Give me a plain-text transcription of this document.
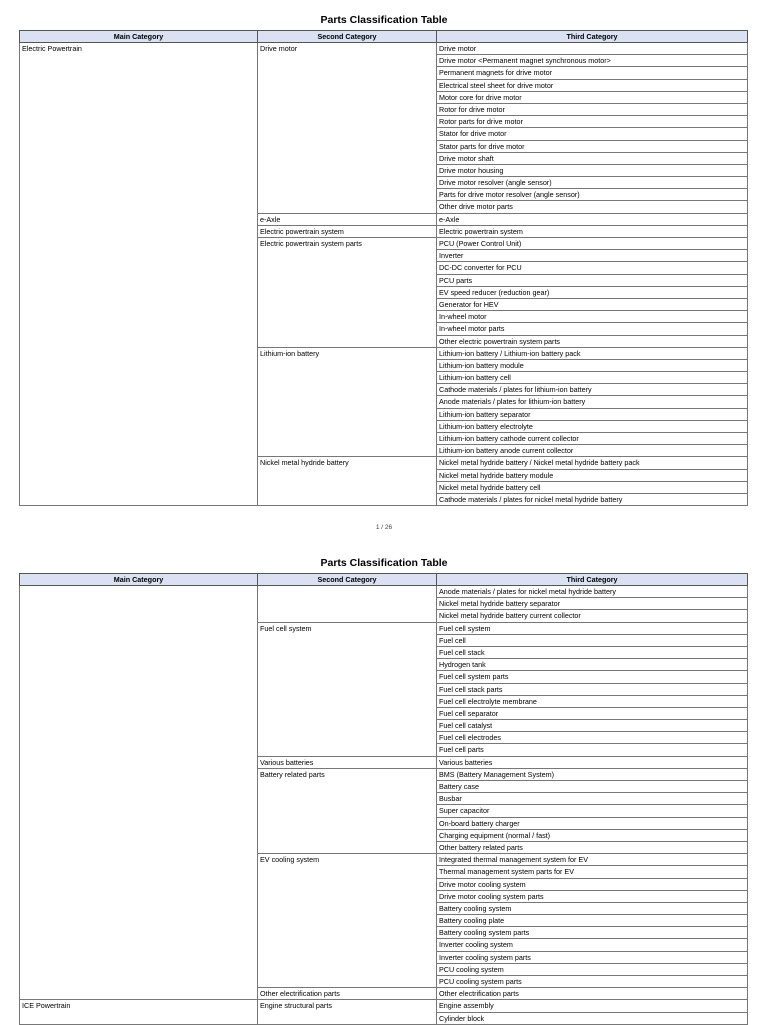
Parts Classification Table
Main Category	Second Category	Third Category
Electric Powertrain	Drive motor	Drive motor
		Drive motor <Permanent magnet synchronous motor>
		Permanent magnets for drive motor
		Electrical steel sheet for drive motor
		Motor core for drive motor
		Rotor for drive motor
		Rotor parts for drive motor
		Stator for drive motor
		Stator parts for drive motor
		Drive motor shaft
		Drive motor housing
		Drive motor resolver (angle sensor)
		Parts for drive motor resolver (angle sensor)
		Other drive motor parts
	e-Axle	e-Axle
	Electric powertrain system	Electric powertrain system
	Electric powertrain system parts	PCU (Power Control Unit)
		Inverter
		DC-DC converter for PCU
		PCU parts
		EV speed reducer (reduction gear)
		Generator for HEV
		In-wheel motor
		In-wheel motor parts
		Other electric powertrain system parts
	Lithium-ion battery	Lithium-ion battery / Lithium-ion battery pack
		Lithium-ion battery module
		Lithium-ion battery cell
		Cathode materials / plates for lithium-ion battery
		Anode materials / plates for lithium-ion battery
		Lithium-ion battery separator
		Lithium-ion battery electrolyte
		Lithium-ion battery cathode current collector
		Lithium-ion battery anode current collector
	Nickel metal hydride battery	Nickel metal hydride battery / Nickel metal hydride battery pack
		Nickel metal hydride battery module
		Nickel metal hydride battery cell
		Cathode materials / plates for nickel metal hydride battery
1 / 26
Parts Classification Table
Main Category	Second Category	Third Category
		Anode materials / plates for nickel metal hydride battery
		Nickel metal hydride battery separator
		Nickel metal hydride battery current collector
	Fuel cell system	Fuel cell system
		Fuel cell
		Fuel cell stack
		Hydrogen tank
		Fuel cell system parts
		Fuel cell stack parts
		Fuel cell electrolyte membrane
		Fuel cell separator
		Fuel cell catalyst
		Fuel cell electrodes
		Fuel cell parts
	Various batteries	Various batteries
	Battery related parts	BMS (Battery Management System)
		Battery case
		Busbar
		Super capacitor
		On-board battery charger
		Charging equipment (normal / fast)
		Other battery related parts
	EV cooling system	Integrated thermal management system for EV
		Thermal management system parts for EV
		Drive motor cooling system
		Drive motor cooling system parts
		Battery cooling system
		Battery cooling plate
		Battery cooling system parts
		Inverter cooling system
		Inverter cooling system parts
		PCU cooling system
		PCU cooling system parts
	Other electrification parts	Other electrification parts
ICE Powertrain	Engine structural parts	Engine assembly
		Cylinder block
